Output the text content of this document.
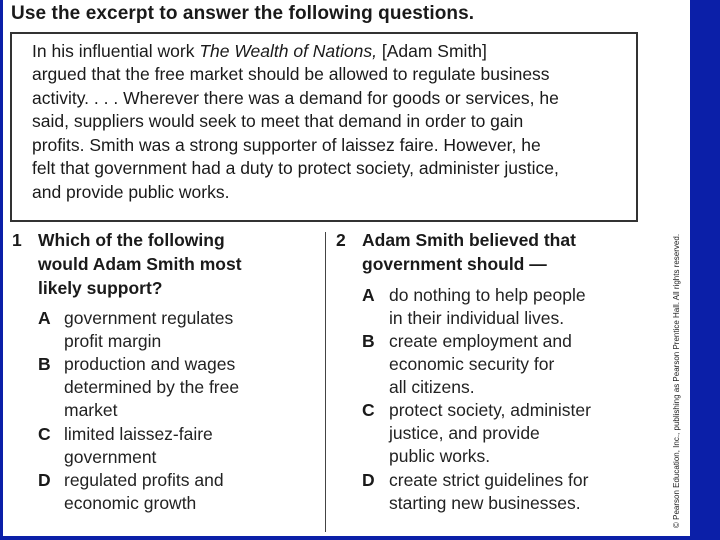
Use the excerpt to answer the following questions.
In his influential work The Wealth of Nations, [Adam Smith]
argued that the free market should be allowed to regulate business
activity. . . . Wherever there was a demand for goods or services, he
said, suppliers would seek to meet that demand in order to gain
profits. Smith was a strong supporter of laissez faire. However, he
felt that government had a duty to protect society, administer justice,
and provide public works.
1 Which of the following
would Adam Smith most
likely support?
A government regulates
profit margin
B production and wages
determined by the free
market
C limited laissez-faire
government
D regulated profits and
economic growth
2 Adam Smith believed that
government should —
A do nothing to help people
in their individual lives.
B create employment and
economic security for
all citizens.
C protect society, administer
justice, and provide
public works.
D create strict guidelines for
starting new businesses.	© Pearson Education, Inc., publishing as Pearson Prentice Hall. All rights reserved.
